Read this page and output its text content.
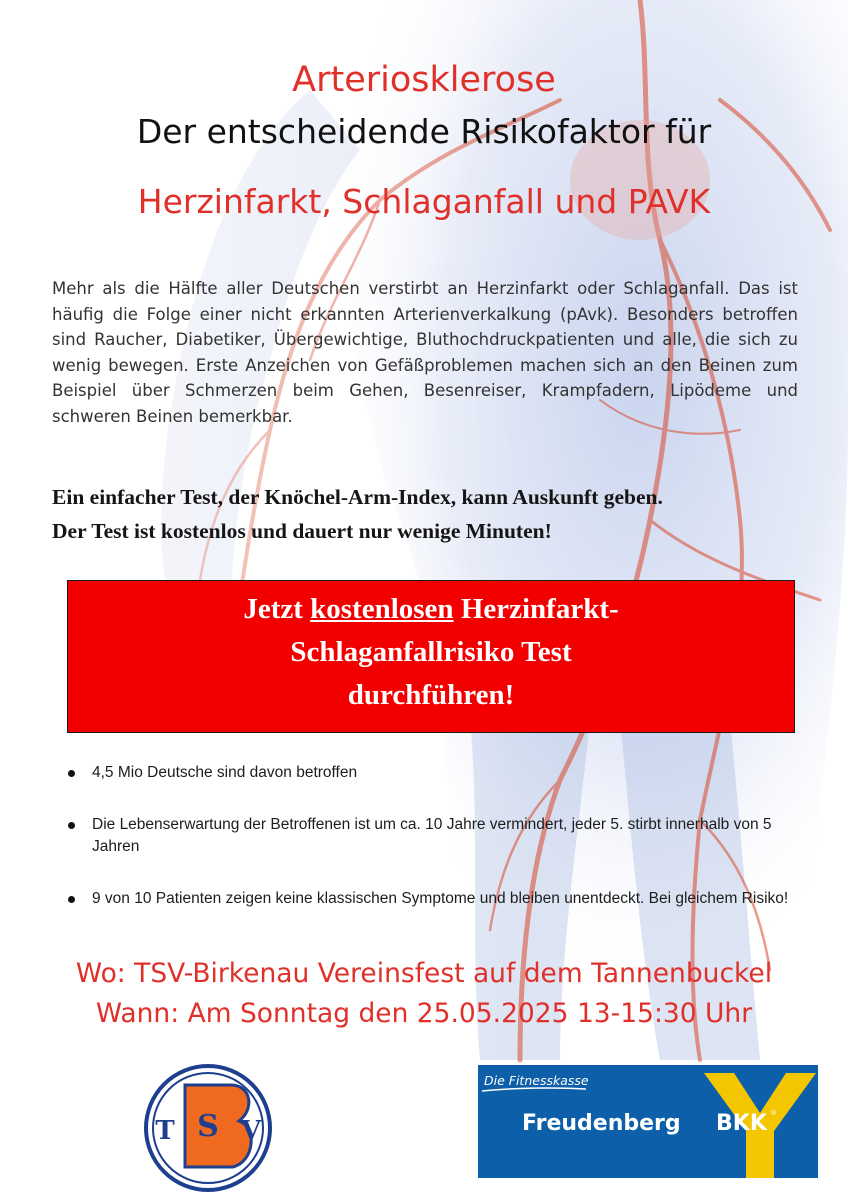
Arteriosklerose
Der entscheidende Risikofaktor für
Herzinfarkt, Schlaganfall und PAVK

Mehr als die Hälfte aller Deutschen verstirbt an Herzinfarkt oder Schlaganfall. Das ist häufig die Folge einer nicht erkannten Arterienverkalkung (pAvk). Besonders betroffen sind Raucher, Diabetiker, Übergewichtige, Bluthochdruckpatienten und alle, die sich zu wenig bewegen. Erste Anzeichen von Gefäßproblemen machen sich an den Beinen zum Beispiel über Schmerzen beim Gehen, Besenreiser, Krampfadern, Lipödeme und schweren Beinen bemerkbar.

Ein einfacher Test, der Knöchel-Arm-Index, kann Auskunft geben.
Der Test ist kostenlos und dauert nur wenige Minuten!
Jetzt kostenlosen Herzinfarkt-
Schlaganfallrisiko Test
durchführen!
4,5 Mio Deutsche sind davon betroffen
Die Lebenserwartung der Betroffenen ist um ca. 10 Jahre vermindert, jeder 5. stirbt innerhalb von 5 Jahren
9 von 10 Patienten zeigen keine klassischen Symptome und bleiben unentdeckt. Bei gleichem Risiko!
Wo: TSV-Birkenau Vereinsfest auf dem Tannenbuckel
Wann: Am Sonntag den 25.05.2025 13-15:30 Uhr
S
T	V
Die Fitnesskasse
Freudenberg BKK ®
